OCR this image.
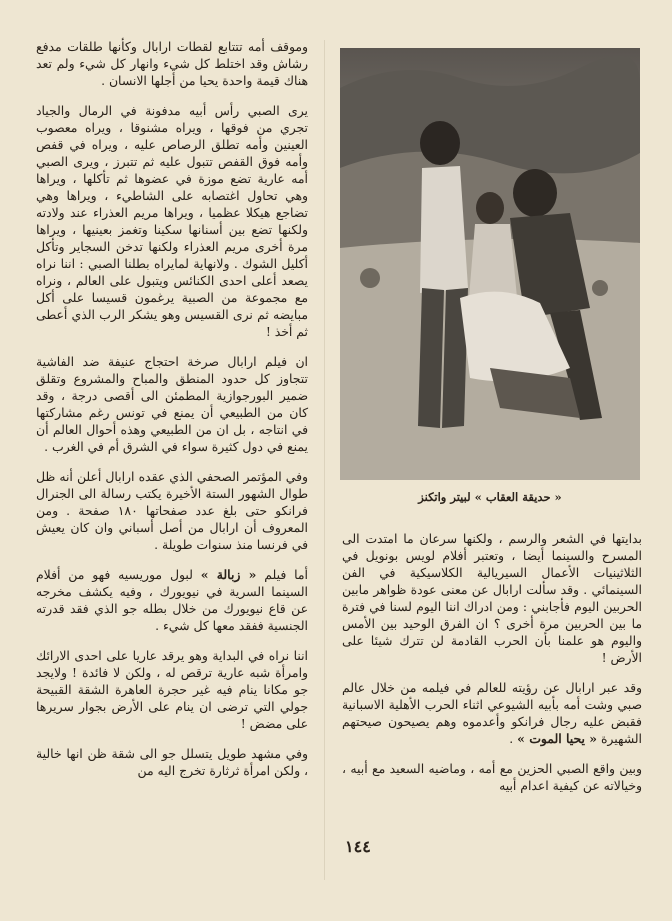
وموقف أمه تتتابع لقطات ارابال وكأنها طلقات مدفع رشاش وقد اختلط كل شيء وانهار كل شيء ولم تعد هناك قيمة واحدة يحيا من أجلها الانسان .

يرى الصبي رأس أبيه مدفونة في الرمال والجياد تجري من فوقها ، ويراه مشنوقا ، ويراه معصوب العينين وأمه تطلق الرصاص عليه ، ويراه في قفص وأمه فوق القفص تتبول عليه ثم تتبرز ، ويرى الصبي أمه عارية تضع موزة في عضوها ثم تأكلها ، ويراها وهي تحاول اغتصابه على الشاطيء ، ويراها وهي تضاجع هيكلا عظميا ، ويراها مريم العذراء عند ولادته ولكنها تضع بين أسنانها سكينا وتغمز بعينيها ، ويراها مرة أخرى مريم العذراء ولكنها تدخن السجاير وتأكل أكليل الشوك . ولانهاية لمايراه بطلنا الصبي : اننا نراه يصعد أعلى احدى الكنائس ويتبول على العالم ، ونراه مع مجموعة من الصبية يرغمون قسيسا على أكل مبايضه ثم نرى القسيس وهو يشكر الرب الذي أعطى ثم أخذ !

ان فيلم ارابال صرخة احتجاج عنيفة ضد الفاشية تتجاوز كل حدود المنطق والمباح والمشروع وتقلق ضمير البورجوازية المطمئن الى أقصى درجة ، وقد كان من الطبيعي أن يمنع في تونس رغم مشاركتها في انتاجه ، بل ان من الطبيعي وهذه أحوال العالم أن يمنع في دول كثيرة سواء في الشرق أم في الغرب .

وفي المؤتمر الصحفي الذي عقده ارابال أعلن أنه ظل طوال الشهور الستة الأخيرة يكتب رسالة الى الجنرال فرانكو حتى بلغ عدد صفحاتها ١٨٠ صفحة . ومن المعروف أن ارابال من أصل أسباني وان كان يعيش في فرنسا منذ سنوات طويلة .

أما فيلم « زبالة » لبول موريسيه فهو من أفلام السينما السرية في نيويورك ، وفيه يكشف مخرجه عن قاع نيويورك من خلال بطله جو الذي فقد قدرته الجنسية ففقد معها كل شيء .

اننا نراه في البداية وهو يرقد عاريا على احدى الارائك وامرأة شبه عارية ترقص له ، ولكن لا فائدة ! ولايجد جو مكانا ينام فيه غير حجرة العاهرة الشقة القبيحة جولي التي ترضى ان ينام على الأرض بجوار سريرها على مضض !

وفي مشهد طويل يتسلل جو الى شقة ظن انها خالية ، ولكن امرأة ثرثارة تخرج اليه من

« حديقة العقاب » لبيتر واتكنز

بدايتها في الشعر والرسم ، ولكنها سرعان ما امتدت الى المسرح والسينما أيضا ، وتعتبر أفلام لويس بونويل في الثلاثينيات الأعمال السيريالية الكلاسيكية في الفن السينمائي . وقد سألت ارابال عن معنى عودة ظواهر مابين الحربين اليوم فأجابني : ومن ادراك اننا اليوم لسنا في فترة ما بين الحربين مرة أخرى ؟ ان الفرق الوحيد بين الأمس واليوم هو علمنا بأن الحرب القادمة لن تترك شيئا على الأرض !

وقد عبر ارابال عن رؤيته للعالم في فيلمه من خلال عالم صبي وشت أمه بأبيه الشيوعي اثناء الحرب الأهلية الاسبانية فقبض عليه رجال فرانكو وأعدموه وهم يصيحون صيحتهم الشهيرة « يحيا الموت » .

وبين واقع الصبي الحزين مع أمه ، وماضيه السعيد مع أبيه ، وخيالاته عن كيفية اعدام أبيه

١٤٤
